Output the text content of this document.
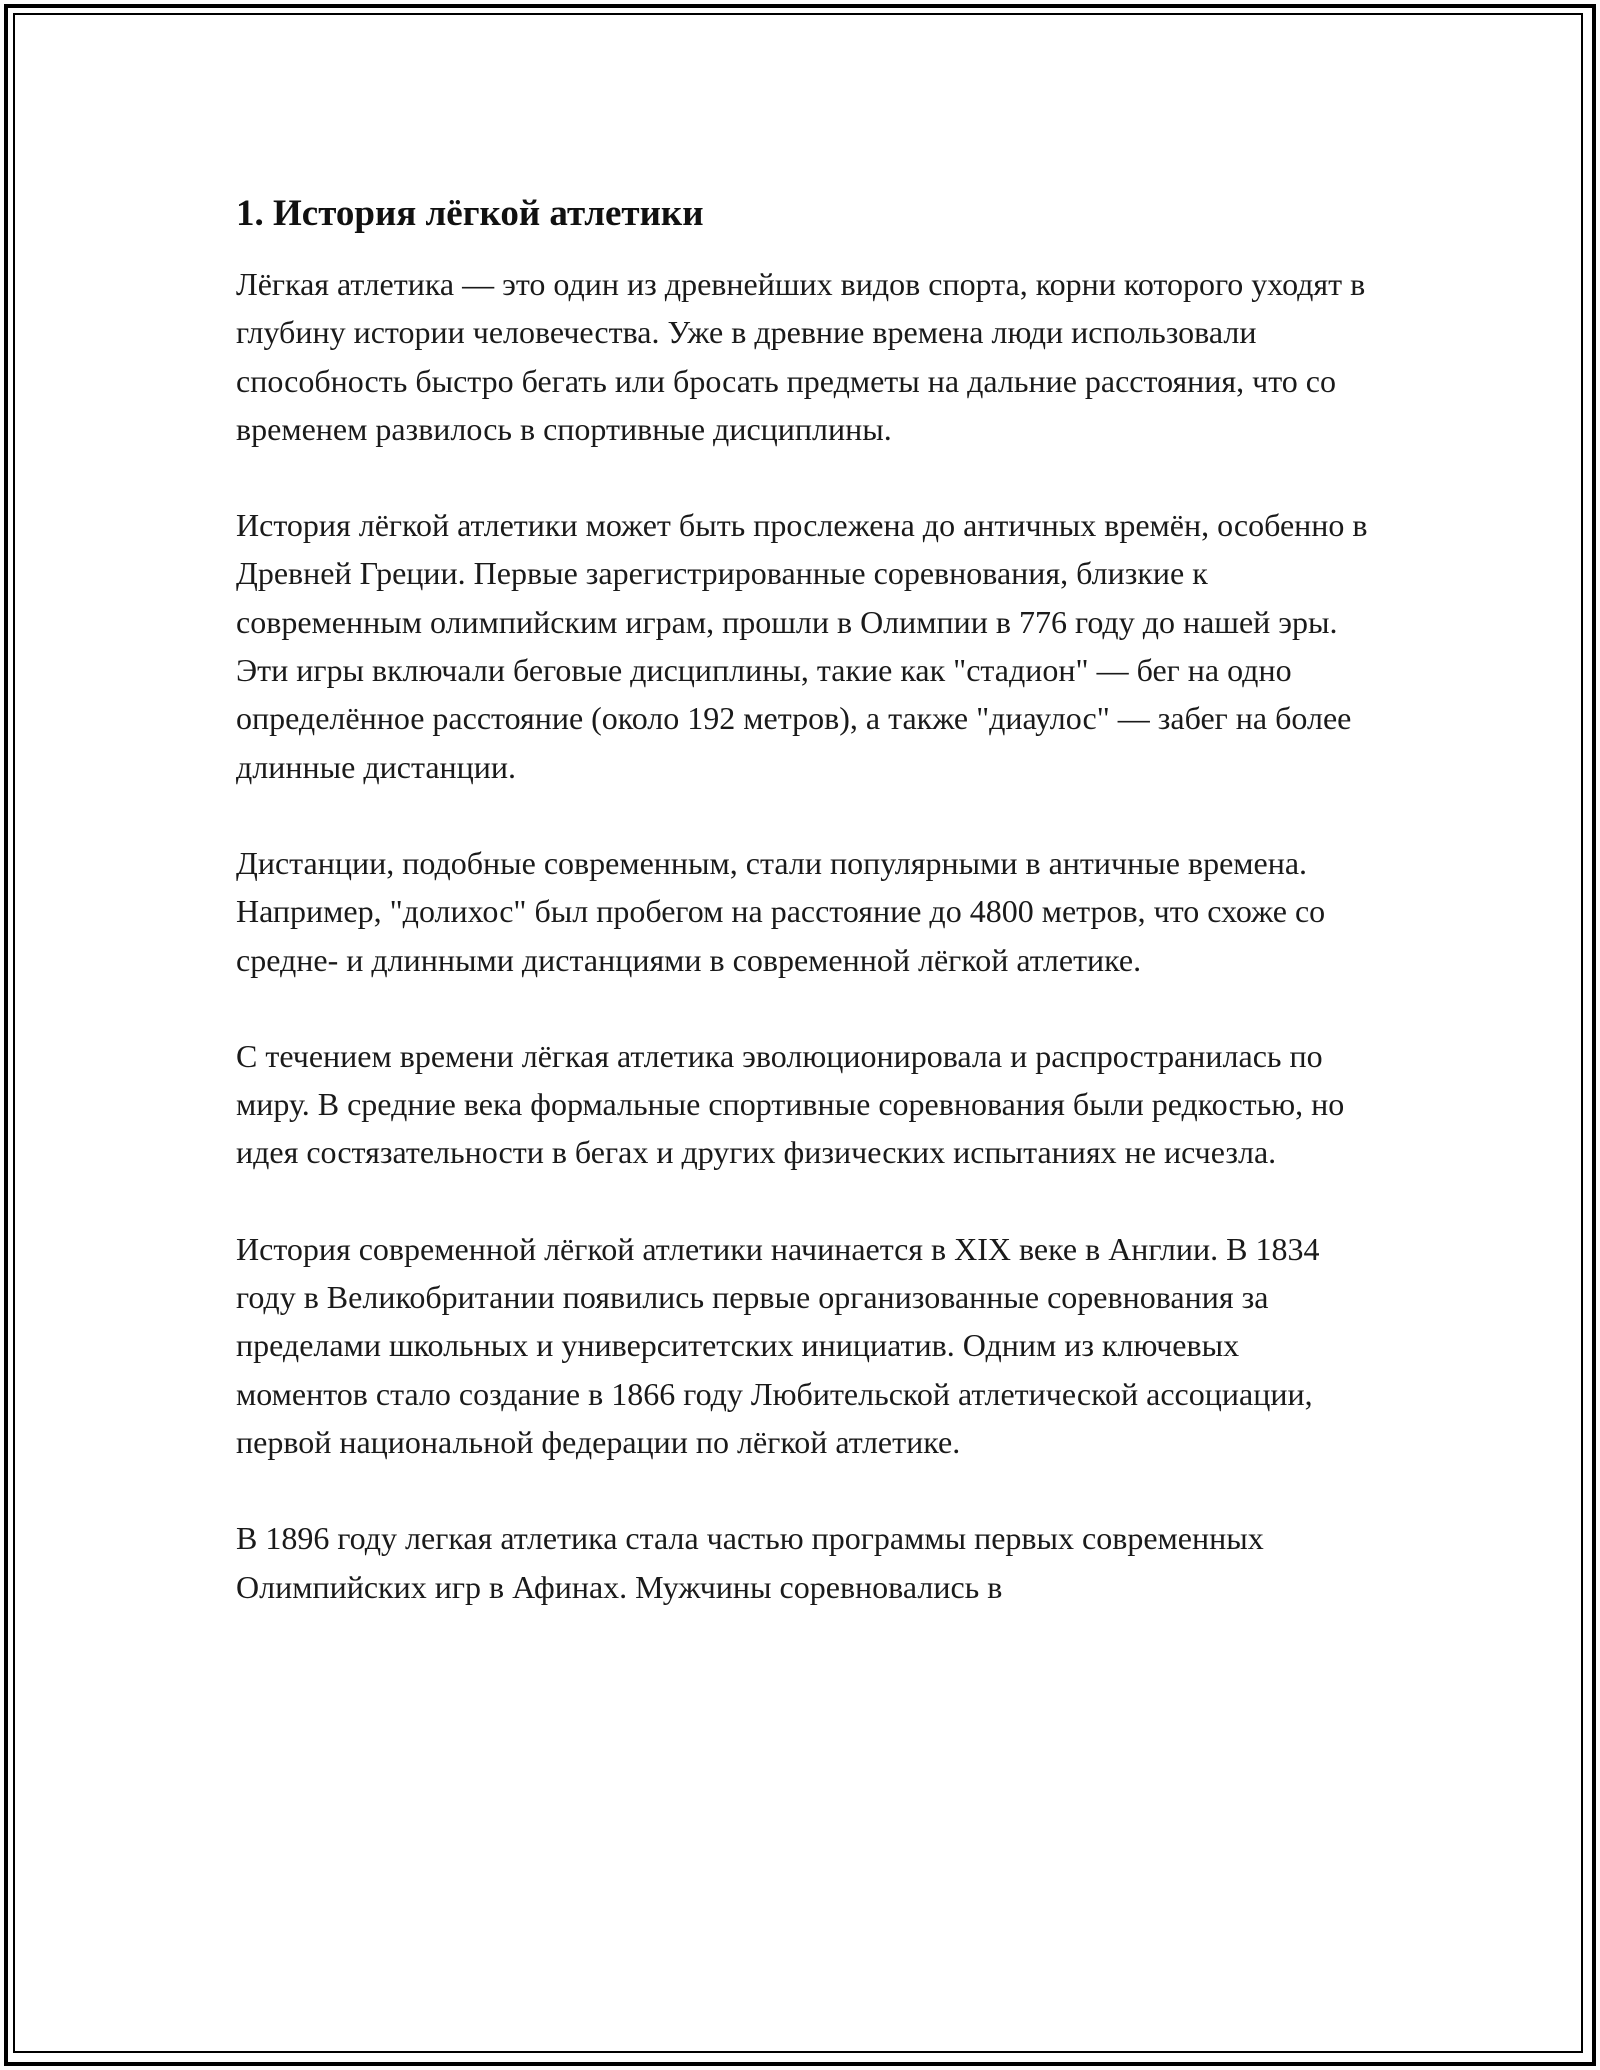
1. История лёгкой атлетики

Лёгкая атлетика — это один из древнейших видов спорта, корни которого уходят в глубину истории человечества. Уже в древние времена люди использовали способность быстро бегать или бросать предметы на дальние расстояния, что со временем развилось в спортивные дисциплины.

История лёгкой атлетики может быть прослежена до античных времён, особенно в Древней Греции. Первые зарегистрированные соревнования, близкие к современным олимпийским играм, прошли в Олимпии в 776 году до нашей эры. Эти игры включали беговые дисциплины, такие как "стадион" — бег на одно определённое расстояние (около 192 метров), а также "диаулос" — забег на более длинные дистанции.

Дистанции, подобные современным, стали популярными в античные времена. Например, "долихос" был пробегом на расстояние до 4800 метров, что схоже со средне- и длинными дистанциями в современной лёгкой атлетике.

С течением времени лёгкая атлетика эволюционировала и распространилась по миру. В средние века формальные спортивные соревнования были редкостью, но идея состязательности в бегах и других физических испытаниях не исчезла.

История современной лёгкой атлетики начинается в XIX веке в Англии. В 1834 году в Великобритании появились первые организованные соревнования за пределами школьных и университетских инициатив. Одним из ключевых моментов стало создание в 1866 году Любительской атлетической ассоциации, первой национальной федерации по лёгкой атлетике.

В 1896 году легкая атлетика стала частью программы первых современных Олимпийских игр в Афинах. Мужчины соревновались в
